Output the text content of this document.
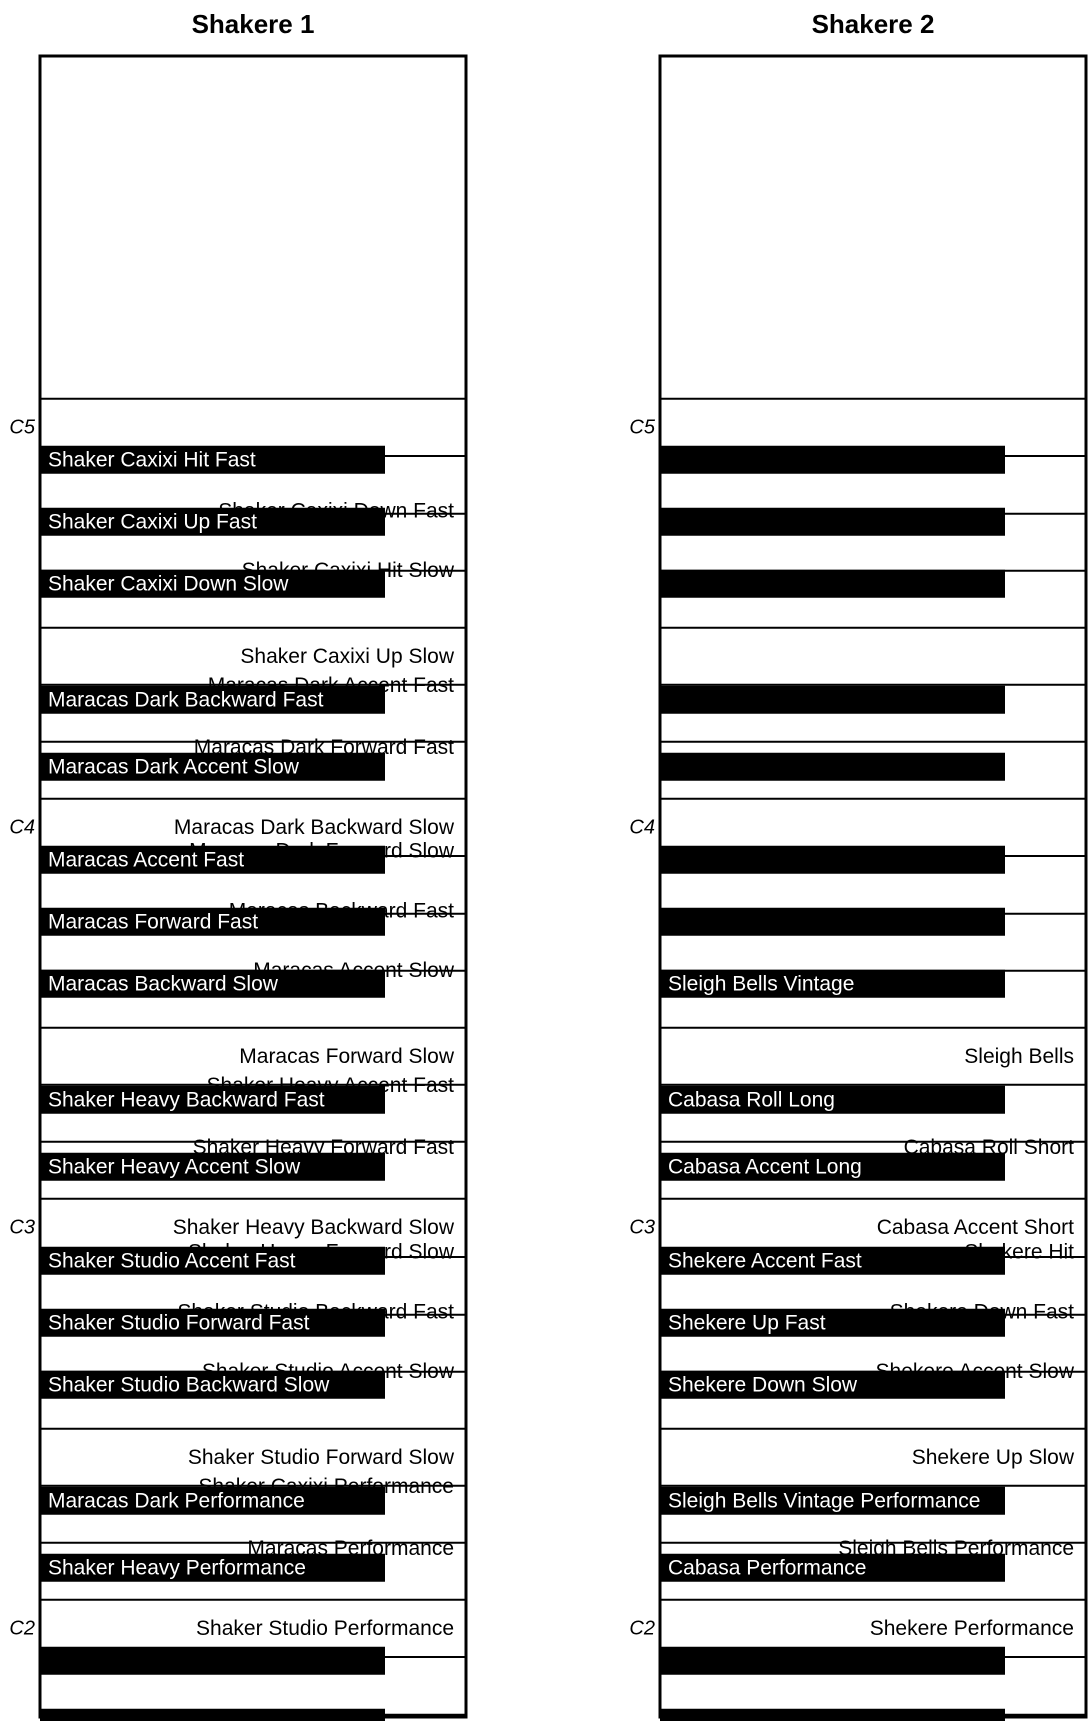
Shakere 1	Shakere 2
Shaker Caxixi Hit Fast
Shaker Caxixi Down Fast
Shaker Caxixi Up Fast
Shaker Caxixi Hit Slow
Shaker Caxixi Down Slow
Shaker Caxixi Up Slow
Maracas Dark Accent Fast
Maracas Dark Backward Fast
Maracas Dark Forward Fast
Maracas Dark Accent Slow
Maracas Dark Backward Slow
Maracas Dark Forward Slow
Maracas Accent Fast
Maracas Backward Fast
Maracas Forward Fast
Maracas Accent Slow
Maracas Backward Slow
Maracas Forward Slow
Shaker Heavy Accent Fast
Shaker Heavy Backward Fast
Shaker Heavy Forward Fast
Shaker Heavy Accent Slow
Shaker Heavy Backward Slow
Shaker Heavy Forward Slow
Shaker Studio Accent Fast
Shaker Studio Backward Fast
Shaker Studio Forward Fast
Shaker Studio Accent Slow
Shaker Studio Backward Slow
Shaker Studio Forward Slow
Shaker Caxixi Performance
Maracas Dark Performance
Maracas Performance
Shaker Heavy Performance
Shaker Studio Performance
Sleigh Bells Vintage
Sleigh Bells
Cabasa Roll Long
Cabasa Roll Short
Cabasa Accent Long
Cabasa Accent Short
Shekere Hit
Shekere Accent Fast
Shekere Down Fast
Shekere Up Fast
Shekere Accent Slow
Shekere Down Slow
Shekere Up Slow
Sleigh Bells Vintage Performance
Sleigh Bells Performance
Cabasa Performance
Shekere Performance
C5	C5
C4	C4
C3	C3
C2	C2
